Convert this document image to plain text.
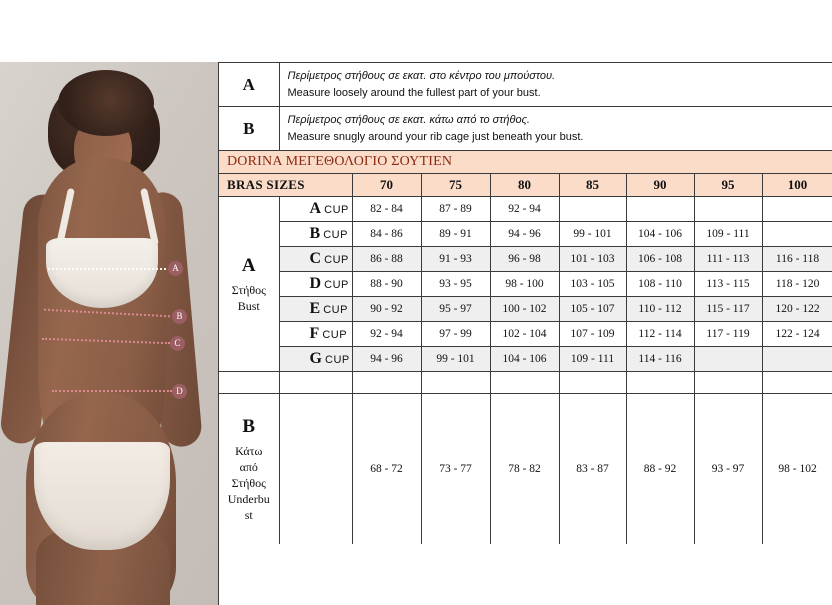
A
B
C
D
A	Περίμετρος στήθους σε εκατ. στο κέντρο του μπούστου.
Measure loosely around the fullest part of your bust.							

B	Περίμετρος στήθους σε εκατ. κάτω από το στήθος.
Measure snugly around your rib cage just beneath your bust.							

DORINA ΜΕΓΕΘΟΛΟΓΙΟ ΣΟΥΤΙΕΝ								
BRAS SIZES		70	75	80	85	90	95	100

A
Στήθος
Bust	A CUP	82 - 84	87 - 89	92 - 94				
	B CUP	84 - 86	89 - 91	94 - 96	99 - 101	104 - 106	109 - 111	
	C CUP	86 - 88	91 - 93	96 - 98	101 - 103	106 - 108	111 - 113	116 - 118
	D CUP	88 - 90	93 - 95	98 - 100	103 - 105	108 - 110	113 - 115	118 - 120
	E CUP	90 - 92	95 - 97	100 - 102	105 - 107	110 - 112	115 - 117	120 - 122
	F CUP	92 - 94	97 - 99	102 - 104	107 - 109	112 - 114	117 - 119	122 - 124
	G CUP	94 - 96	99 - 101	104 - 106	109 - 111	114 - 116		

B
Κάτω
από
Στήθος
Underbu
st
		68 - 72	73 - 77	78 - 82	83 - 87	88 - 92	93 - 97	98 - 102
